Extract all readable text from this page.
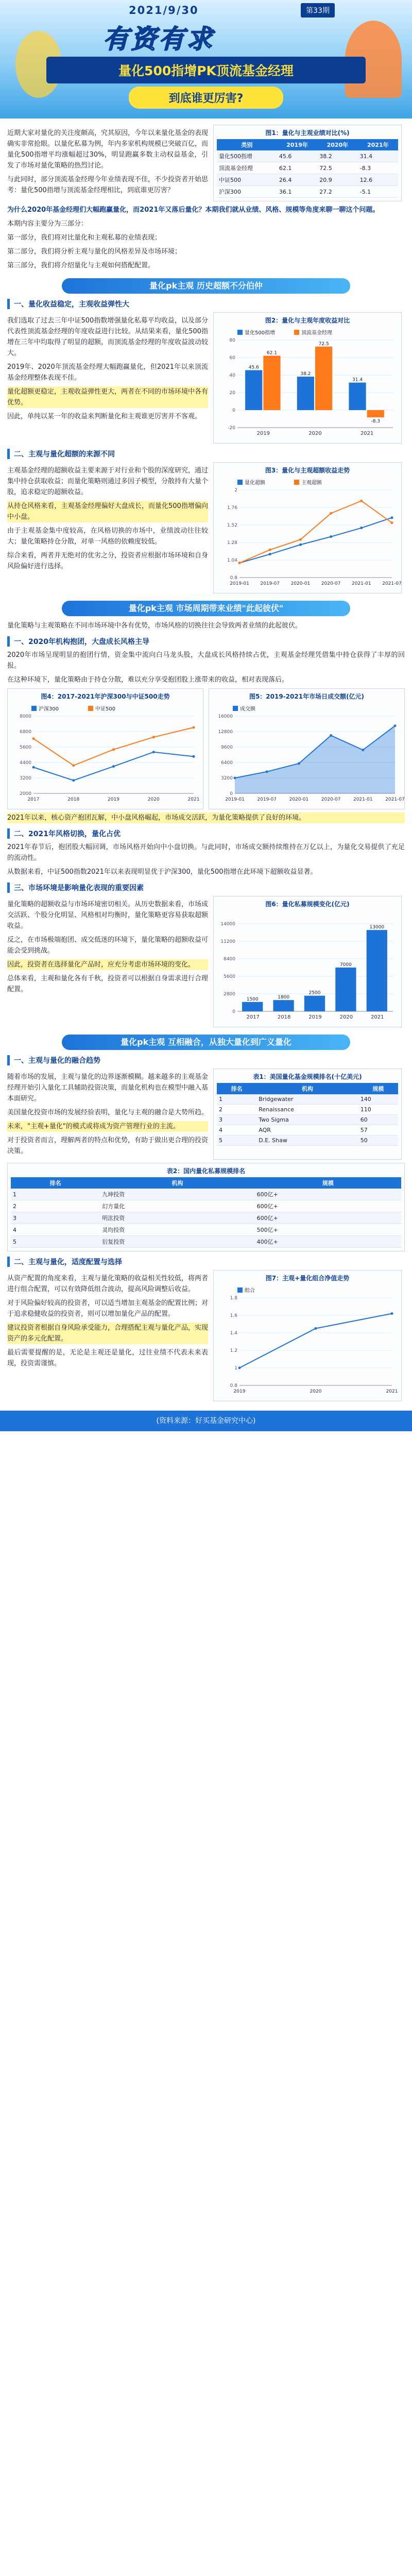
2021/9/30	第33期
有资有求
量化500指增PK顶流基金经理
到底谁更厉害?

近期大家对量化的关注度颇高，究其原因，今年以来量化基金的表现确实非常抢眼。以量化私募为例，年内多家机构规模已突破百亿，而量化500指增平均涨幅超过30%，明显跑赢多数主动权益基金，引发了市场对量化策略的热烈讨论。

与此同时，部分顶流基金经理今年业绩表现不佳，不少投资者开始思考：量化500指增与顶流基金经理相比，到底谁更厉害？

图1：量化与主观业绩对比(%)
类别	2019年	2020年	2021年
量化500指增	45.6	38.2	31.4
顶流基金经理	62.1	72.5	-8.3
中证500	26.4	20.9	12.6
沪深300	36.1	27.2	-5.1

为什么2020年基金经理们大幅跑赢量化，而2021年又落后量化？本期我们就从业绩、风格、规模等角度来聊一聊这个问题。

本期内容主要分为三部分：

第一部分，我们将对比量化和主观私募的业绩表现；

第二部分，我们将分析主观与量化的风格差异及市场环境；

第三部分，我们将介绍量化与主观如何搭配配置。

量化pk主观 历史超额不分伯仲
一、量化收益稳定，主观收益弹性大

我们选取了过去三年中证500指数增强量化私募平均收益，以及部分代表性顶流基金经理的年度收益进行比较。从结果来看，量化500指增在三年中均取得了明显的超额，而顶流基金经理的年度收益波动较大。

2019年、2020年顶流基金经理大幅跑赢量化，但2021年以来顶流基金经理整体表现不佳。

量化超额更稳定，主观收益弹性更大，两者在不同的市场环境中各有优势。

因此，单纯以某一年的收益来判断量化和主观谁更厉害并不客观。

图2：量化与主观年度收益对比
-20
0
20
40
60
80
量化500指增	顶流基金经理
45.6
62.1
2019
38.2
72.5
2020
31.4
-8.3
2021
二、主观与量化超额的来源不同

主观基金经理的超额收益主要来源于对行业和个股的深度研究，通过集中持仓获取收益；而量化策略则通过多因子模型，分散持有大量个股，追求稳定的超额收益。

从持仓风格来看，主观基金经理偏好大盘成长，而量化500指增偏向中小盘。

由于主观基金集中度较高，在风格切换的市场中，业绩波动往往较大；量化策略持仓分散，对单一风格的依赖度较低。

综合来看，两者并无绝对的优劣之分，投资者应根据市场环境和自身风险偏好进行选择。

图3：量化与主观超额收益走势
0.8
1.04
1.28
1.52
1.76
2
量化超额	主观超额
2019-01 2019-07 2020-01 2020-07 2021-01 2021-07
量化pk主观 市场周期带来业绩"此起彼伏"

量化策略与主观策略在不同市场环境中各有优势，市场风格的切换往往会导致两者业绩的此起彼伏。

一、2020年机构抱团，大盘成长风格主导

2020年市场呈现明显的抱团行情，资金集中流向白马龙头股，大盘成长风格持续占优，主观基金经理凭借集中持仓获得了丰厚的回报。

在这种环境下，量化策略由于持仓分散，难以充分享受抱团股上涨带来的收益，相对表现落后。

图4：2017-2021年沪深300与中证500走势
2000
3200
4400
5600
6800
8000
沪深300	中证500
2017	2018	2019	2020	2021
图5：2019-2021年市场日成交额(亿元)
0
3200
6400
9600
12800
16000
成交额
2019-01	2019-07	2020-01	2020-07	2021-01	2021-07

2021年以来，核心资产抱团瓦解，中小盘风格崛起，市场成交活跃，为量化策略提供了良好的环境。

二、2021年风格切换，量化占优

2021年春节后，抱团股大幅回调，市场风格开始向中小盘切换。与此同时，市场成交额持续维持在万亿以上，为量化交易提供了充足的流动性。

从数据来看，中证500指数2021年以来表现明显优于沪深300，量化500指增在此环境下超额收益显著。

三、市场环境是影响量化表现的重要因素

量化策略的超额收益与市场环境密切相关。从历史数据来看，市场成交活跃、个股分化明显、风格相对均衡时，量化策略更容易获取超额收益。

反之，在市场极端抱团、成交低迷的环境下，量化策略的超额收益可能会受到挑战。

因此，投资者在选择量化产品时，应充分考虑市场环境的变化。

总体来看，主观和量化各有千秋，投资者可以根据自身需求进行合理配置。

图6：量化私募规模变化(亿元)
0
2800
5600
8400
11200
14000
1500
2017
1800
2018
2500
2019
7000
2020
13000
2021
量化pk主观 互相融合，从独大量化到广义量化
一、主观与量化的融合趋势

随着市场的发展，主观与量化的边界逐渐模糊。越来越多的主观基金经理开始引入量化工具辅助投资决策，而量化机构也在模型中融入基本面研究。

美国量化投资市场的发展经验表明，量化与主观的融合是大势所趋。

未来，"主观+量化"的模式或将成为资产管理行业的主流。

对于投资者而言，理解两者的特点和优势，有助于做出更合理的投资决策。

表1：美国量化基金规模排名(十亿美元)
排名	机构	规模
1	Bridgewater	140
2	Renaissance	110
3	Two Sigma	60
4	AQR	57
5	D.E. Shaw	50
表2：国内量化私募规模排名
排名	机构	规模
1	九坤投资	600亿+
2	幻方量化	600亿+
3	明汯投资	600亿+
4	灵均投资	500亿+
5	衍复投资	400亿+
二、主观与量化，适度配置与选择

从资产配置的角度来看，主观与量化策略的收益相关性较低，将两者进行组合配置，可以有效降低组合波动，提高风险调整后收益。

对于风险偏好较高的投资者，可以适当增加主观基金的配置比例；对于追求稳健收益的投资者，则可以增加量化产品的配置。

建议投资者根据自身风险承受能力，合理搭配主观与量化产品，实现资产的多元化配置。

最后需要提醒的是，无论是主观还是量化，过往业绩不代表未来表现，投资需谨慎。

图7：主观+量化组合净值走势
0.8
1
1.2
1.4
1.6
1.8
组合
2019	2020	2021
(资料来源：好买基金研究中心)
